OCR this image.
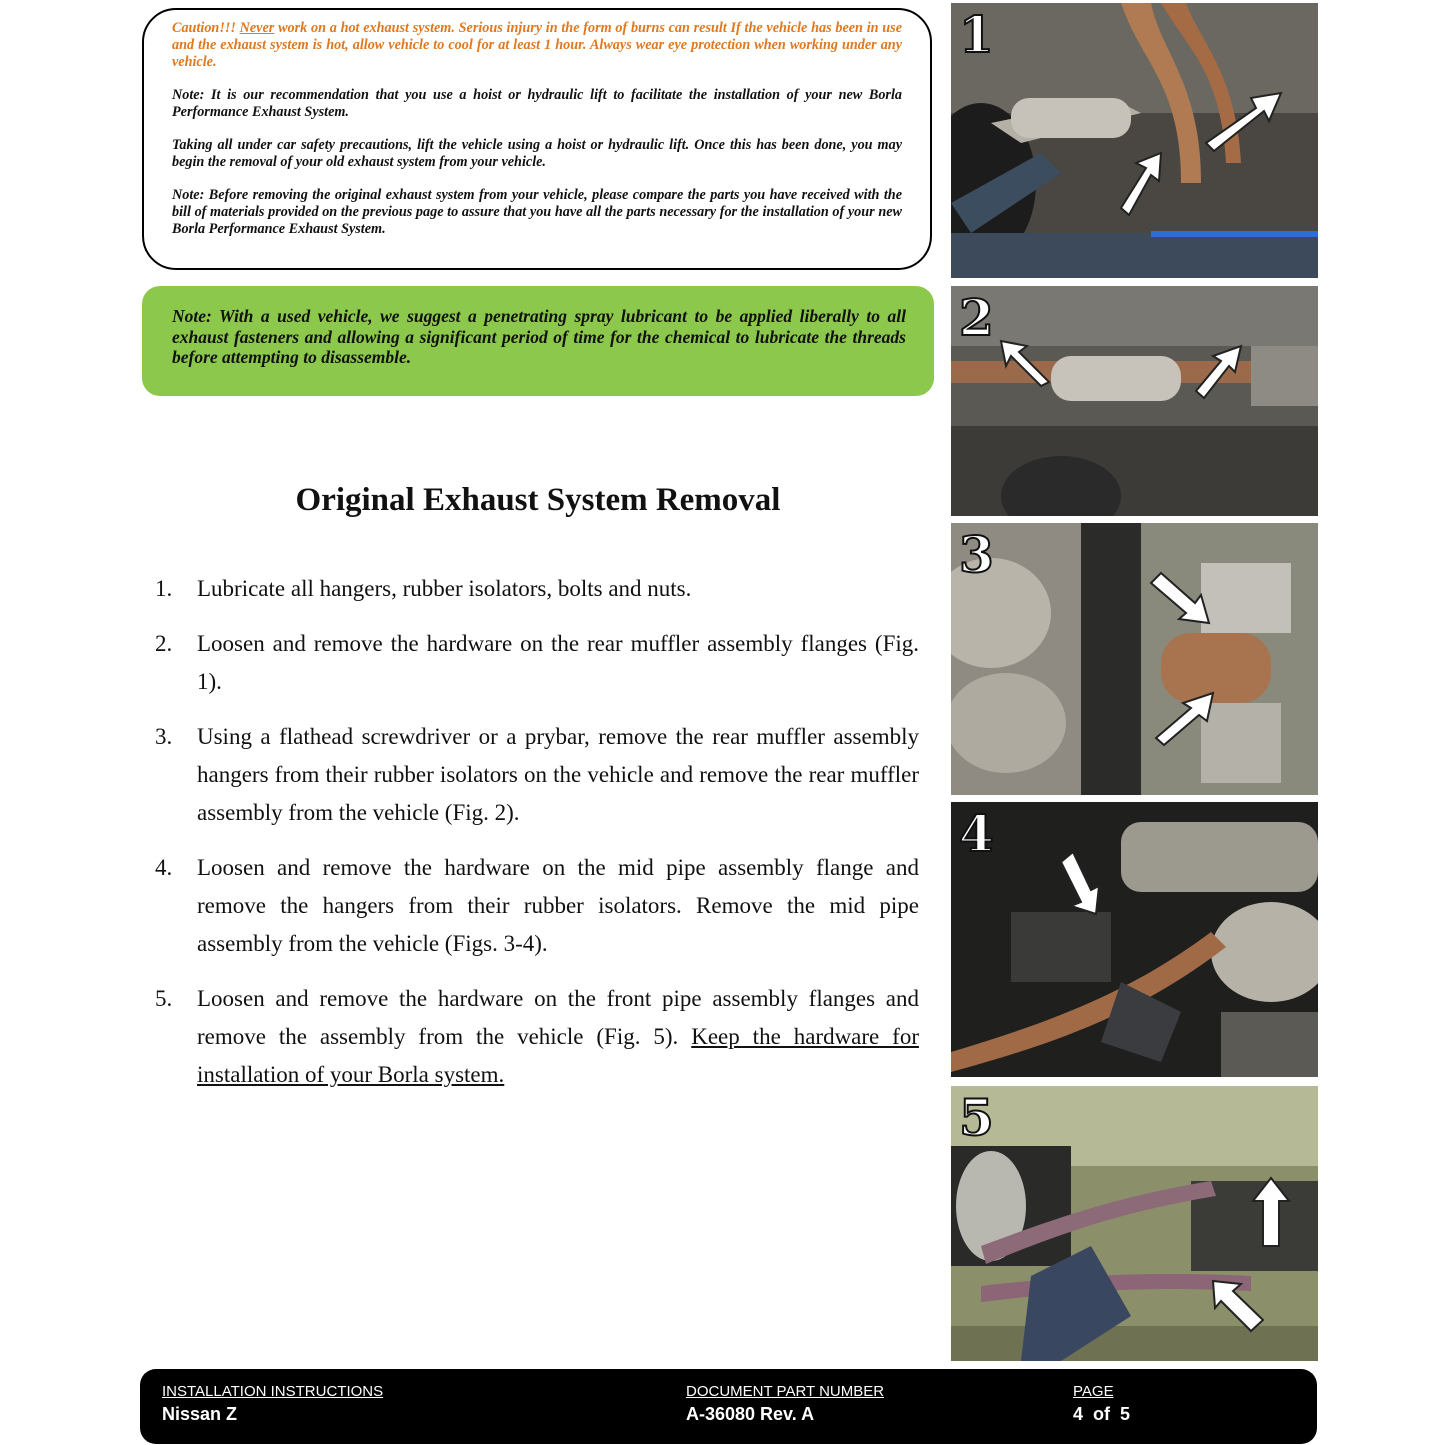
Caution!!! Never work on a hot exhaust system. Serious injury in the form of burns can result If the vehicle has been in use and the exhaust system is hot, allow vehicle to cool for at least 1 hour. Always wear eye protection when working under any vehicle.

Note: It is our recommendation that you use a hoist or hydraulic lift to facilitate the installation of your new Borla Performance Exhaust System.

Taking all under car safety precautions, lift the vehicle using a hoist or hydraulic lift. Once this has been done, you may begin the removal of your old exhaust system from your vehicle.

Note: Before removing the original exhaust system from your vehicle, please compare the parts you have received with the bill of materials provided on the previous page to assure that you have all the parts necessary for the installation of your new Borla Performance Exhaust System.

Note: With a used vehicle, we suggest a penetrating spray lubricant to be applied liberally to all exhaust fasteners and allowing a significant period of time for the chemical to lubricate the threads before attempting to disassemble.
Original Exhaust System Removal
1. Lubricate all hangers, rubber isolators, bolts and nuts.
2. Loosen and remove the hardware on the rear muffler assembly flanges (Fig. 1).
3. Using a flathead screwdriver or a prybar, remove the rear muffler assembly hangers from their rubber isolators on the vehicle and remove the rear muffler assembly from the vehicle (Fig. 2).
4. Loosen and remove the hardware on the mid pipe assembly flange and remove the hangers from their rubber isolators. Remove the mid pipe assembly from the vehicle (Figs. 3-4).
5. Loosen and remove the hardware on the front pipe assembly flanges and remove the assembly from the vehicle (Fig. 5). Keep the hardware for installation of your Borla system.
1
2
3
4
5
INSTALLATION INSTRUCTIONS
Nissan Z
DOCUMENT PART NUMBER
A-36080 Rev. A
PAGE
4  of  5
